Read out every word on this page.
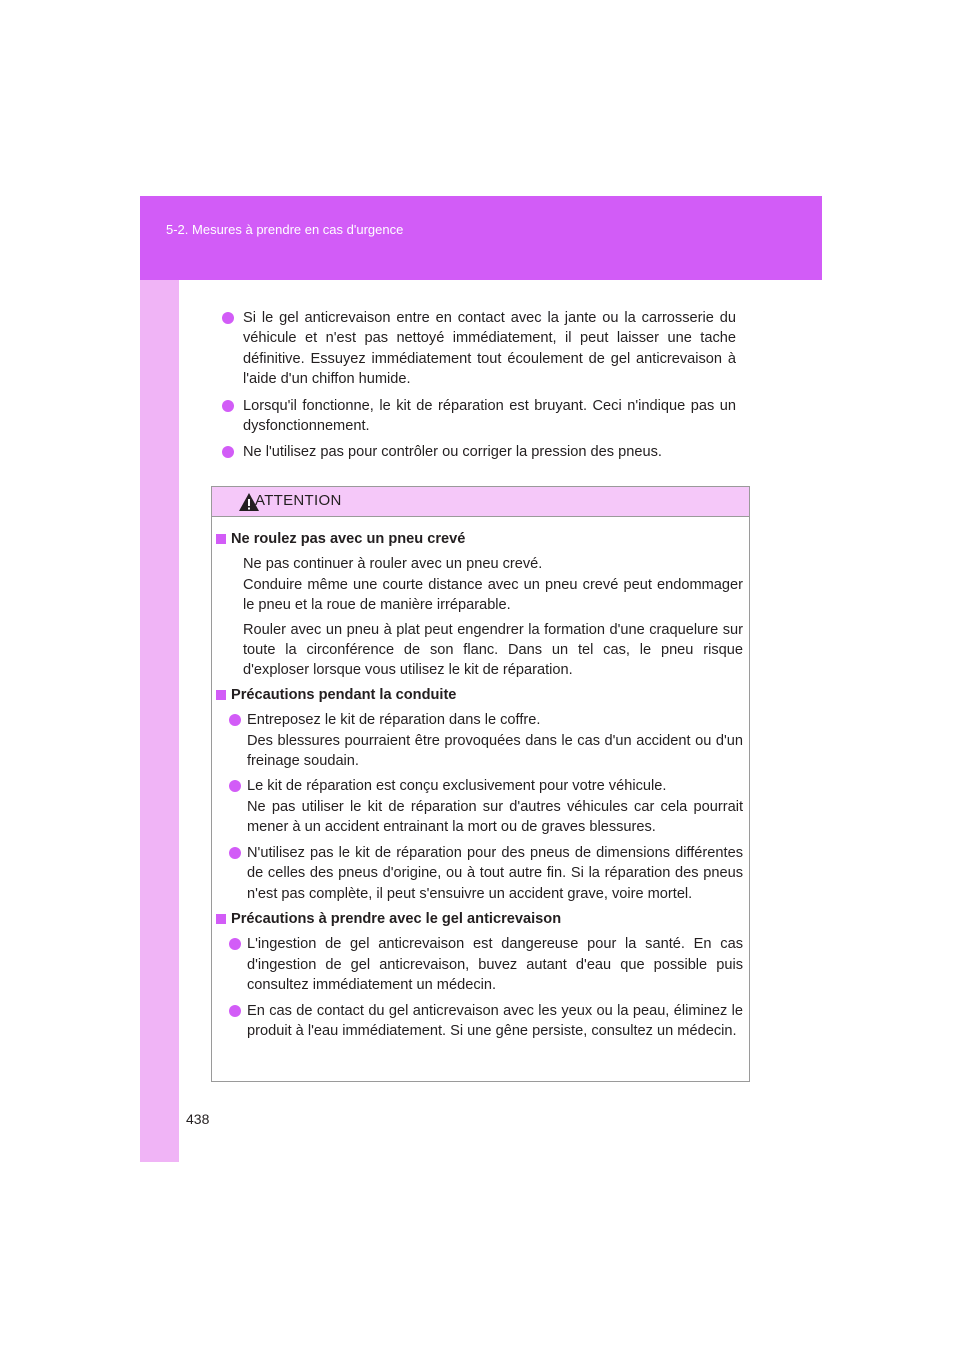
5-2. Mesures à prendre en cas d'urgence
Si le gel anticrevaison entre en contact avec la jante ou la carrosserie du véhicule et n'est pas nettoyé immédiatement, il peut laisser une tache définitive. Essuyez immédiatement tout écoulement de gel anticrevaison à l'aide d'un chiffon humide.
Lorsqu'il fonctionne, le kit de réparation est bruyant. Ceci n'indique pas un dysfonctionnement.
Ne l'utilisez pas pour contrôler ou corriger la pression des pneus.
ATTENTION
Ne roulez pas avec un pneu crevé
Ne pas continuer à rouler avec un pneu crevé.
Conduire même une courte distance avec un pneu crevé peut endommager le pneu et la roue de manière irréparable.
Rouler avec un pneu à plat peut engendrer la formation d'une craquelure sur toute la circonférence de son flanc. Dans un tel cas, le pneu risque d'exploser lorsque vous utilisez le kit de réparation.
Précautions pendant la conduite
Entreposez le kit de réparation dans le coffre.
Des blessures pourraient être provoquées dans le cas d'un accident ou d'un freinage soudain.
Le kit de réparation est conçu exclusivement pour votre véhicule.
Ne pas utiliser le kit de réparation sur d'autres véhicules car cela pourrait mener à un accident entrainant la mort ou de graves blessures.
N'utilisez pas le kit de réparation pour des pneus de dimensions différentes de celles des pneus d'origine, ou à tout autre fin. Si la réparation des pneus n'est pas complète, il peut s'ensuivre un accident grave, voire mortel.
Précautions à prendre avec le gel anticrevaison
L'ingestion de gel anticrevaison est dangereuse pour la santé. En cas d'ingestion de gel anticrevaison, buvez autant d'eau que possible puis consultez immédiatement un médecin.
En cas de contact du gel anticrevaison avec les yeux ou la peau, éliminez le produit à l'eau immédiatement. Si une gêne persiste, consultez un médecin.
438
